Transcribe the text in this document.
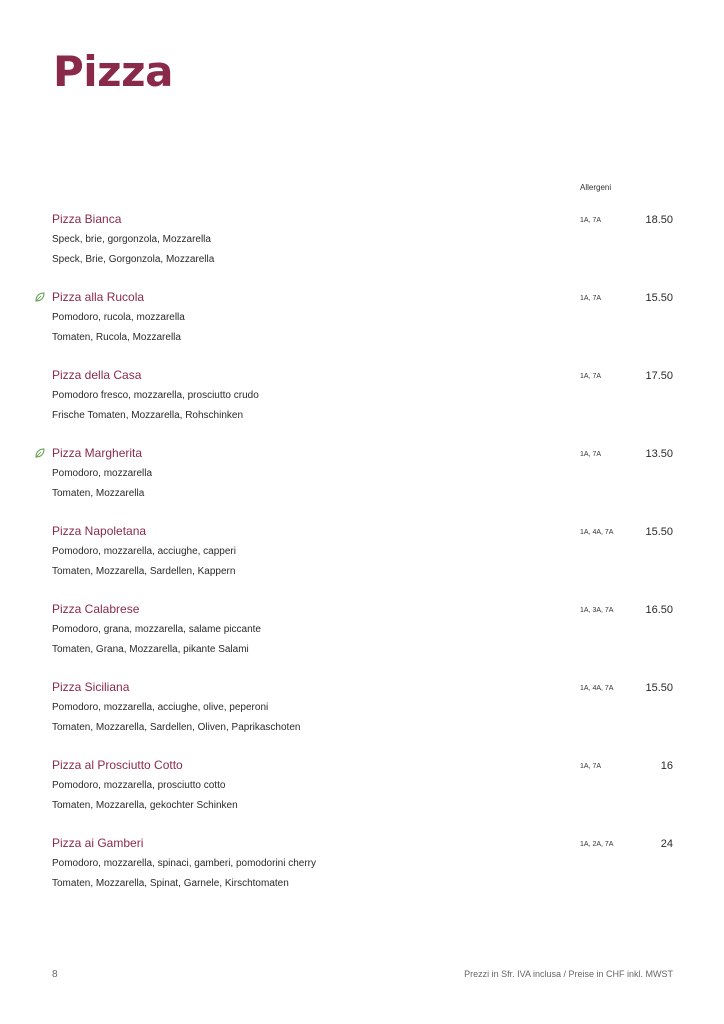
Pizza
Allergeni
Pizza Bianca
Speck, brie, gorgonzola, Mozzarella
Speck, Brie, Gorgonzola, Mozzarella
1A, 7A	18.50
Pizza alla Rucola
Pomodoro, rucola, mozzarella
Tomaten, Rucola, Mozzarella
1A, 7A	15.50
Pizza della Casa
Pomodoro fresco, mozzarella, prosciutto crudo
Frische Tomaten, Mozzarella, Rohschinken
1A, 7A	17.50
Pizza Margherita
Pomodoro, mozzarella
Tomaten, Mozzarella
1A, 7A	13.50
Pizza Napoletana
Pomodoro, mozzarella, acciughe, capperi
Tomaten, Mozzarella, Sardellen, Kappern
1A, 4A, 7A	15.50
Pizza Calabrese
Pomodoro, grana, mozzarella, salame piccante
Tomaten, Grana, Mozzarella, pikante Salami
1A, 3A, 7A	16.50
Pizza Siciliana
Pomodoro, mozzarella, acciughe, olive, peperoni
Tomaten, Mozzarella, Sardellen, Oliven, Paprikaschoten
1A, 4A, 7A	15.50
Pizza al Prosciutto Cotto
Pomodoro, mozzarella, prosciutto cotto
Tomaten, Mozzarella, gekochter Schinken
1A, 7A	16
Pizza ai Gamberi
Pomodoro, mozzarella, spinaci, gamberi, pomodorini cherry
Tomaten, Mozzarella, Spinat, Garnele, Kirschtomaten
1A, 2A, 7A	24
8	Prezzi in Sfr. IVA inclusa / Preise in CHF inkl. MWST
